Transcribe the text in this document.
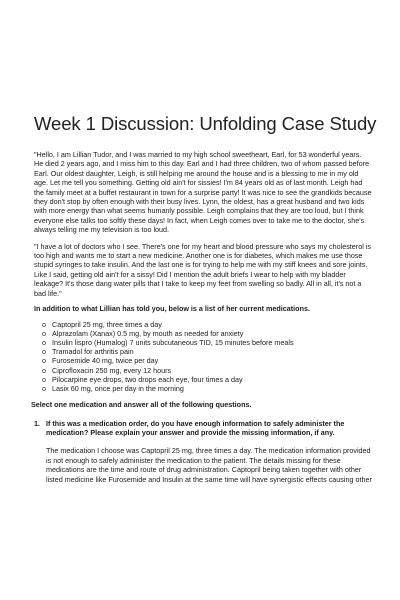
Week 1 Discussion: Unfolding Case Study

"Hello, I am Lillian Tudor, and I was married to my high school sweetheart, Earl, for 53 wonderful years. He died 2 years ago, and I miss him to this day. Earl and I had three children, two of whom passed before Earl. Our oldest daughter, Leigh, is still helping me around the house and is a blessing to me in my old age. Let me tell you something. Getting old ain't for sissies! I'm 84 years old as of last month. Leigh had the family meet at a buffet restaurant in town for a surprise party! It was nice to see the grandkids because they don't stop by often enough with their busy lives. Lynn, the oldest, has a great husband and two kids with more energy than what seems humanly possible. Leigh complains that they are too loud, but I think everyone else talks too softly these days! In fact, when Leigh comes over to take me to the doctor, she's always telling me my television is too loud.

"I have a lot of doctors who I see. There's one for my heart and blood pressure who says my cholesterol is too high and wants me to start a new medicine. Another one is for diabetes, which makes me use those stupid syringes to take insulin. And the last one is for trying to help me with my stiff knees and sore joints. Like I said, getting old ain't for a sissy! Did I mention the adult briefs I wear to help with my bladder leakage? It's those dang water pills that I take to keep my feet from swelling so badly. All in all, it's not a bad life."

In addition to what Lillian has told you, below is a list of her current medications.

o Captopril 25 mg, three times a day
o Alprazolam (Xanax) 0.5 mg, by mouth as needed for anxiety
o Insulin lispro (Humalog) 7 units subcutaneous TID, 15 minutes before meals
o Tramadol for arthritis pain
o Furosemide 40 mg, twice per day
o Ciprofloxacin 250 mg, every 12 hours
o Pilocarpine eye drops, two drops each eye, four times a day
o Lasix 60 mg, once per day in the morning

Select one medication and answer all of the following questions.

1. If this was a medication order, do you have enough information to safely administer the medication? Please explain your answer and provide the missing information, if any.

The medication I choose was Captopril 25 mg, three times a day. The medication information provided is not enough to safely administer the medication to the patient. The details missing for these medications are the time and route of drug administration. Captopril being taken together with other listed medicine like Furosemide and Insulin at the same time will have synergistic effects causing other
